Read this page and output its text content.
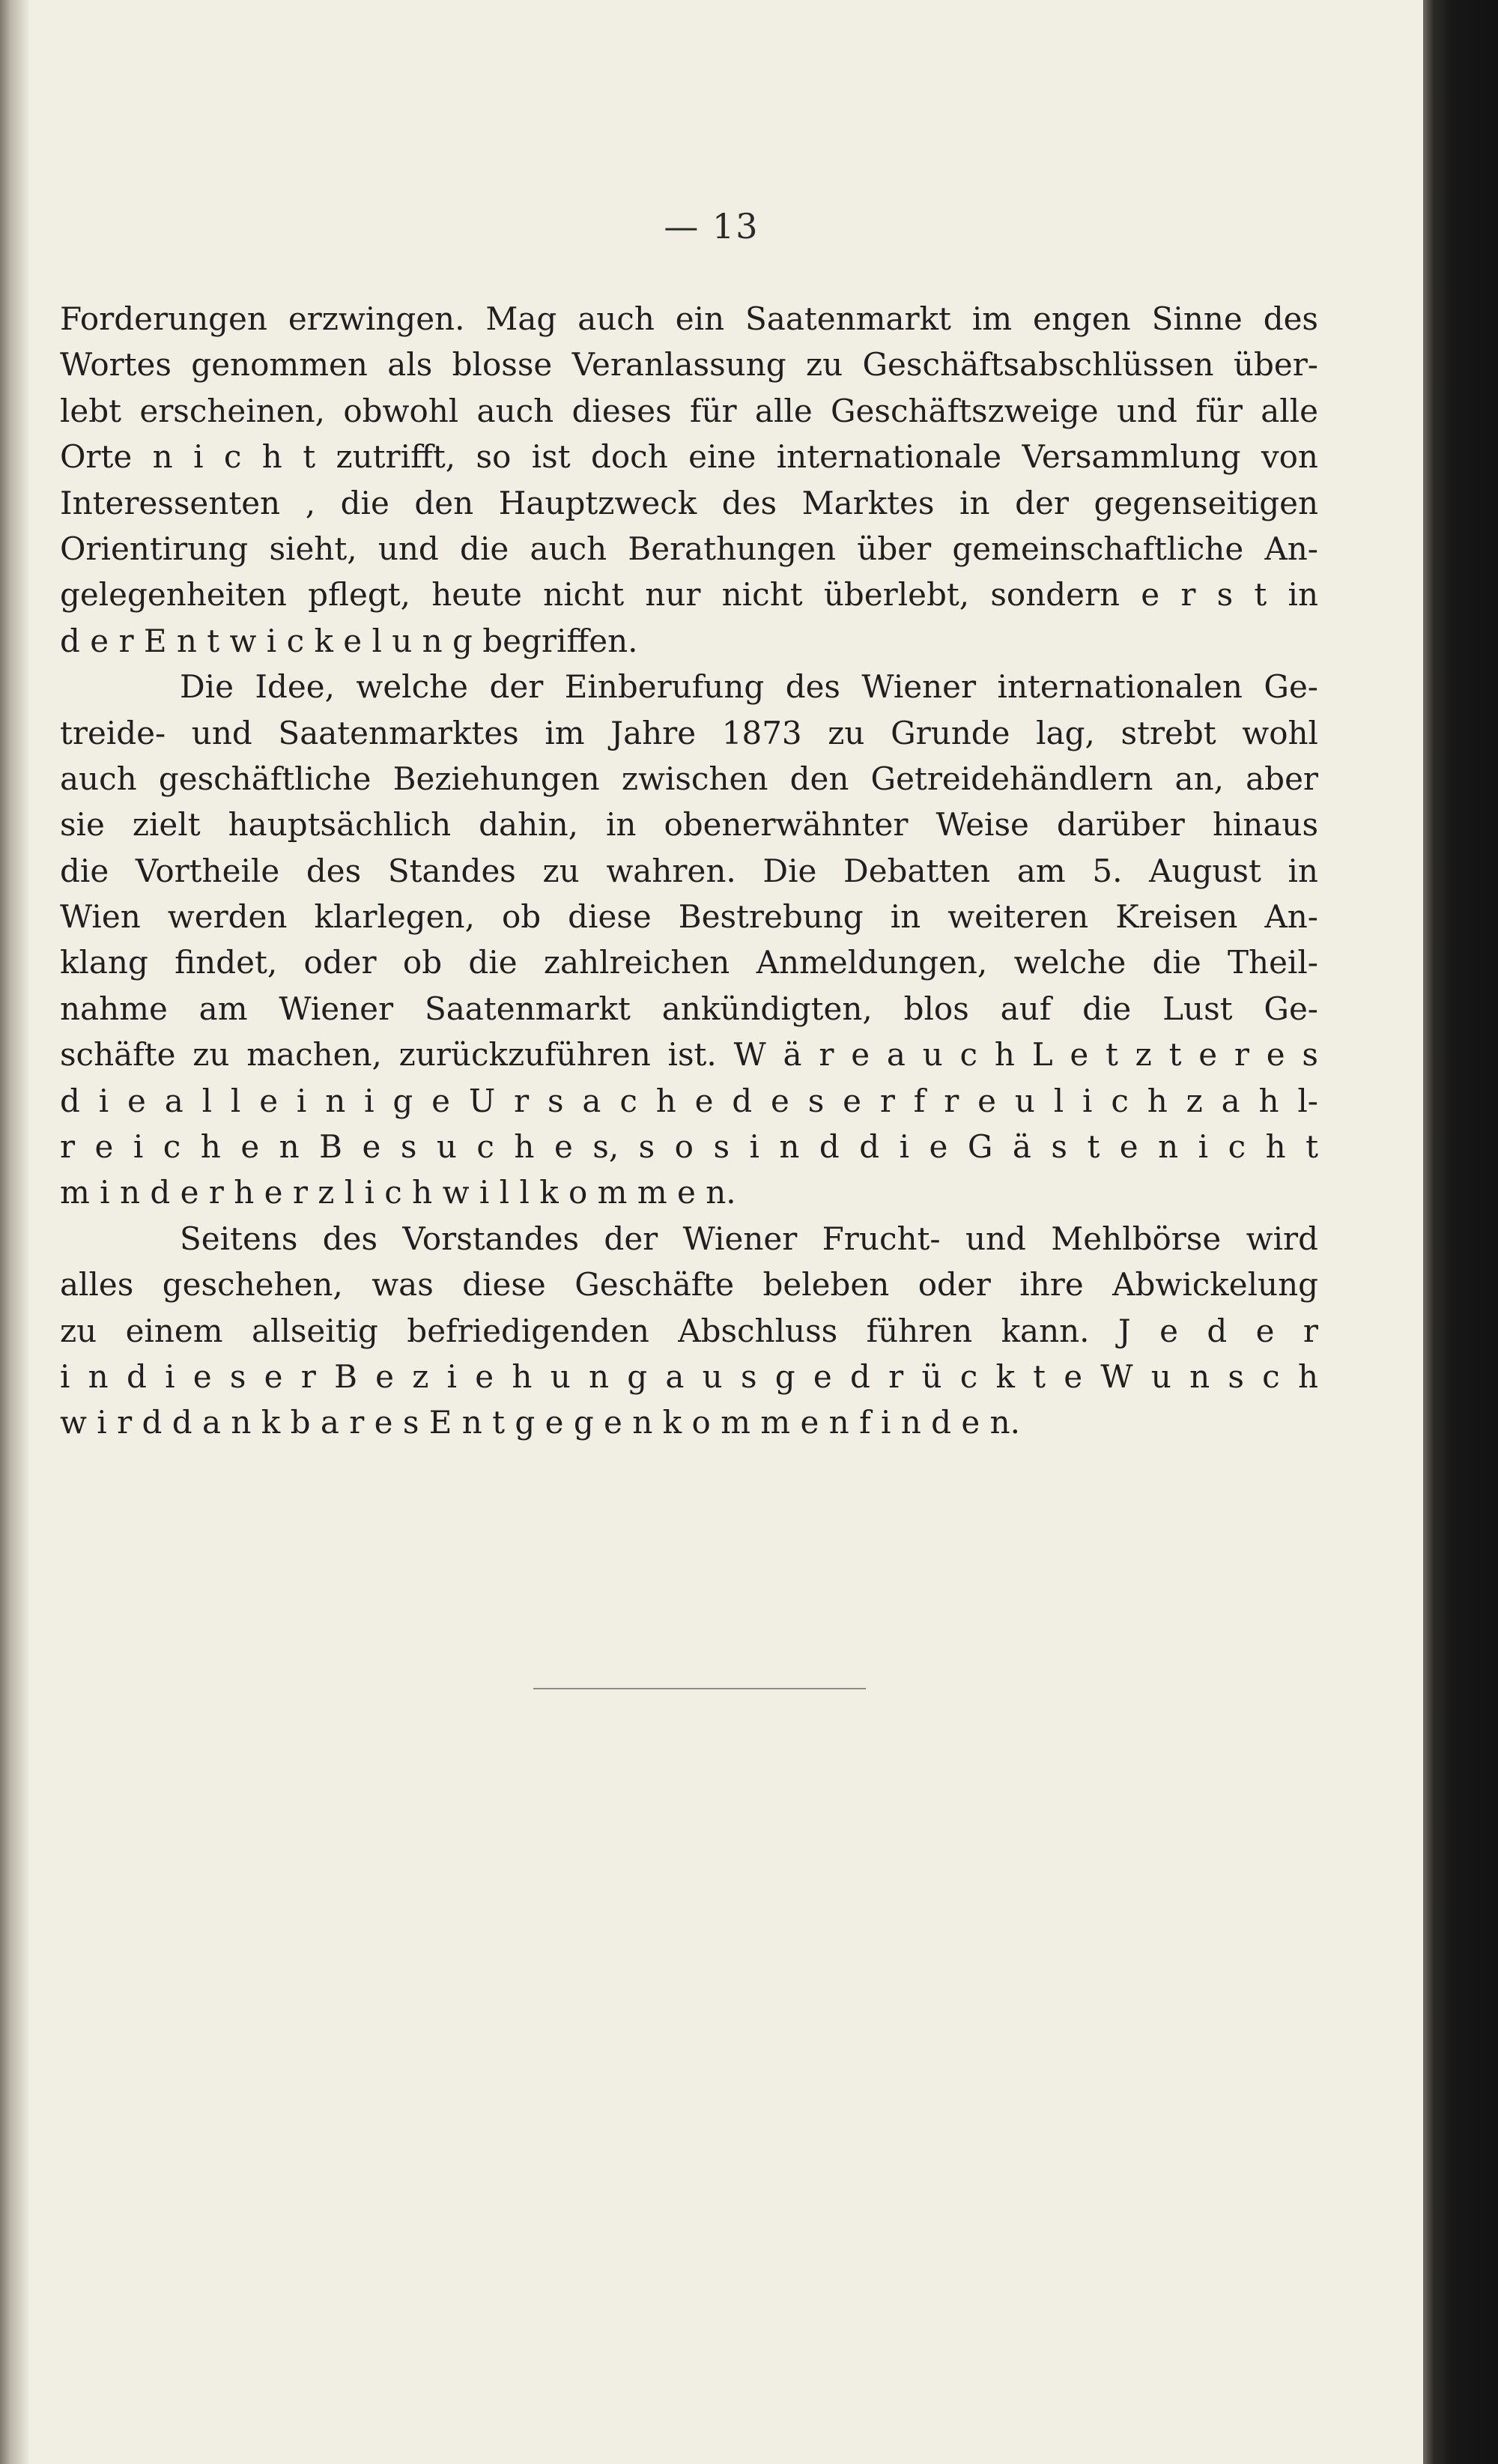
— 13
Forderungen erzwingen. Mag auch ein Saatenmarkt im engen Sinne des
Wortes genommen als blosse Veranlassung zu Geschäftsabschlüssen über-
lebt erscheinen, obwohl auch dieses für alle Geschäftszweige und für alle
Orte n i c h t zutrifft, so ist doch eine internationale Versammlung von
Interessenten , die den Hauptzweck des Marktes in der gegenseitigen
Orientirung sieht, und die auch Berathungen über gemeinschaftliche An-
gelegenheiten pflegt, heute nicht nur nicht überlebt, sondern e r s t in
d e r E n t w i c k e l u n g begriffen.
Die Idee, welche der Einberufung des Wiener internationalen Ge-
treide- und Saatenmarktes im Jahre 1873 zu Grunde lag, strebt wohl
auch geschäftliche Beziehungen zwischen den Getreidehändlern an, aber
sie zielt hauptsächlich dahin, in obenerwähnter Weise darüber hinaus
die Vortheile des Standes zu wahren. Die Debatten am 5. August in
Wien werden klarlegen, ob diese Bestrebung in weiteren Kreisen An-
klang findet, oder ob die zahlreichen Anmeldungen, welche die Theil-
nahme am Wiener Saatenmarkt ankündigten, blos auf die Lust Ge-
schäfte zu machen, zurückzuführen ist. W ä r e a u c h L e t z t e r e s
d i e a l l e i n i g e U r s a c h e d e s e r f r e u l i c h z a h l-
r e i c h e n B e s u c h e s, s o s i n d d i e G ä s t e n i c h t
m i n d e r h e r z l i c h w i l l k o m m e n.
Seitens des Vorstandes der Wiener Frucht- und Mehlbörse wird
alles geschehen, was diese Geschäfte beleben oder ihre Abwickelung
zu einem allseitig befriedigenden Abschluss führen kann. J e d e r
i n d i e s e r B e z i e h u n g a u s g e d r ü c k t e W u n s c h
w i r d d a n k b a r e s E n t g e g e n k o m m e n f i n d e n.
